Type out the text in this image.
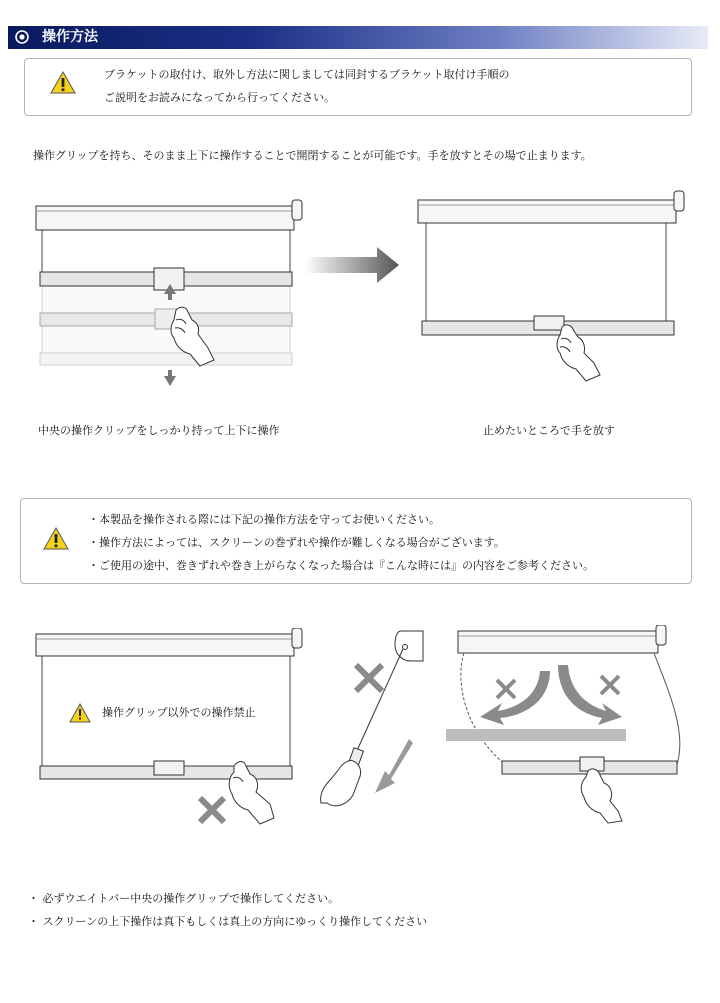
操作方法
ブラケットの取付け、取外し方法に関しましては同封するブラケット取付け手順の
ご説明をお読みになってから行ってください。
操作グリップを持ち、そのまま上下に操作することで開閉することが可能です。手を放すとその場で止まります。
中央の操作クリップをしっかり持って上下に操作	止めたいところで手を放す
・本製品を操作される際には下記の操作方法を守ってお使いください。
・操作方法によっては、スクリーンの巻ずれや操作が難しくなる場合がございます。
・ご使用の途中、巻きずれや巻き上がらなくなった場合は『こんな時には』の内容をご参考ください。
操作グリップ以外での操作禁止
・ 必ずウエイトバー中央の操作グリップで操作してください。
・ スクリーンの上下操作は真下もしくは真上の方向にゆっくり操作してください
